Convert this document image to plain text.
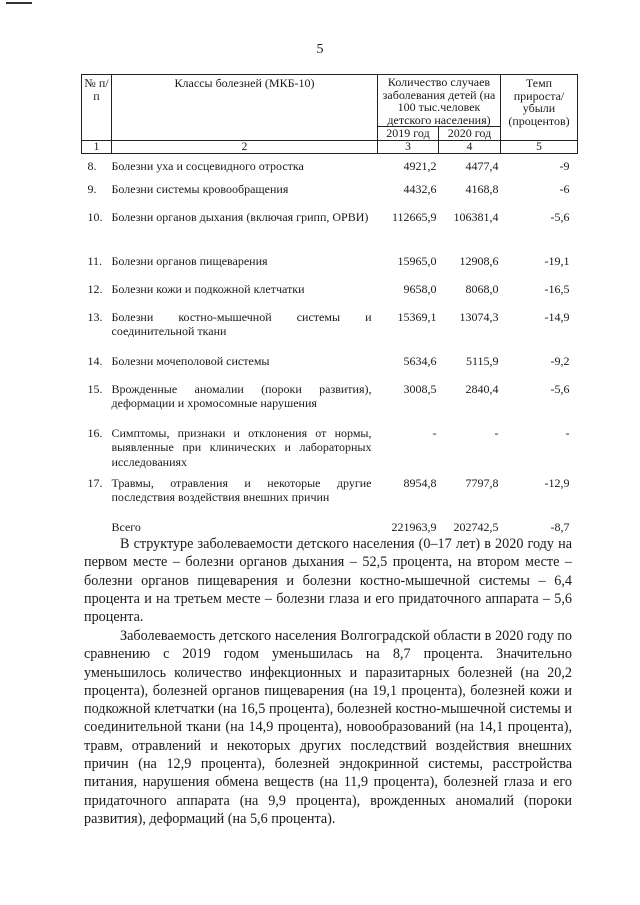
5
№ п/п	Классы болезней (МКБ-10)	Количество случаев заболевания детей (на 100 тыс.человек детского населения)		Темп прироста/ убыли (процентов)
		2019 год	2020 год	
1	2	3	4	5
8.	Болезни уха и сосцевидного отростка	4921,2	4477,4	-9
9.	Болезни системы кровообращения	4432,6	4168,8	-6
10.	Болезни органов дыхания (включая грипп, ОРВИ)	112665,9	106381,4	-5,6
11.	Болезни органов пищеварения	15965,0	12908,6	-19,1
12.	Болезни кожи и подкожной клетчатки	9658,0	8068,0	-16,5
13.	Болезни костно-мышечной системы и соединительной ткани	15369,1	13074,3	-14,9
14.	Болезни мочеполовой системы	5634,6	5115,9	-9,2
15.	Врожденные аномалии (пороки развития), деформации и хромосомные нарушения	3008,5	2840,4	-5,6
16.	Симптомы, признаки и отклонения от нормы, выявленные при клинических и лабораторных исследованиях	-	-	-
17.	Травмы, отравления и некоторые другие последствия воздействия внешних причин	8954,8	7797,8	-12,9
	Всего	221963,9	202742,5	-8,7

В структуре заболеваемости детского населения (0–17 лет) в 2020 году на первом месте – болезни органов дыхания – 52,5 процента, на втором месте – болезни органов пищеварения и болезни костно-мышечной системы – 6,4 процента и на третьем месте – болезни глаза и его придаточного аппарата – 5,6 процента.

Заболеваемость детского населения Волгоградской области в 2020 году по сравнению с 2019 годом уменьшилась на 8,7 процента. Значительно уменьшилось количество инфекционных и паразитарных болезней (на 20,2 процента), болезней органов пищеварения (на 19,1 процента), болезней кожи и подкожной клетчатки (на 16,5 процента), болезней костно-мышечной системы и соединительной ткани (на 14,9 процента), новообразований (на 14,1 процента), травм, отравлений и некоторых других последствий воздействия внешних причин (на 12,9 процента), болезней эндокринной системы, расстройства питания, нарушения обмена веществ (на 11,9 процента), болезней глаза и его придаточного аппарата (на 9,9 процента), врожденных аномалий (пороки развития), деформаций (на 5,6 процента).
